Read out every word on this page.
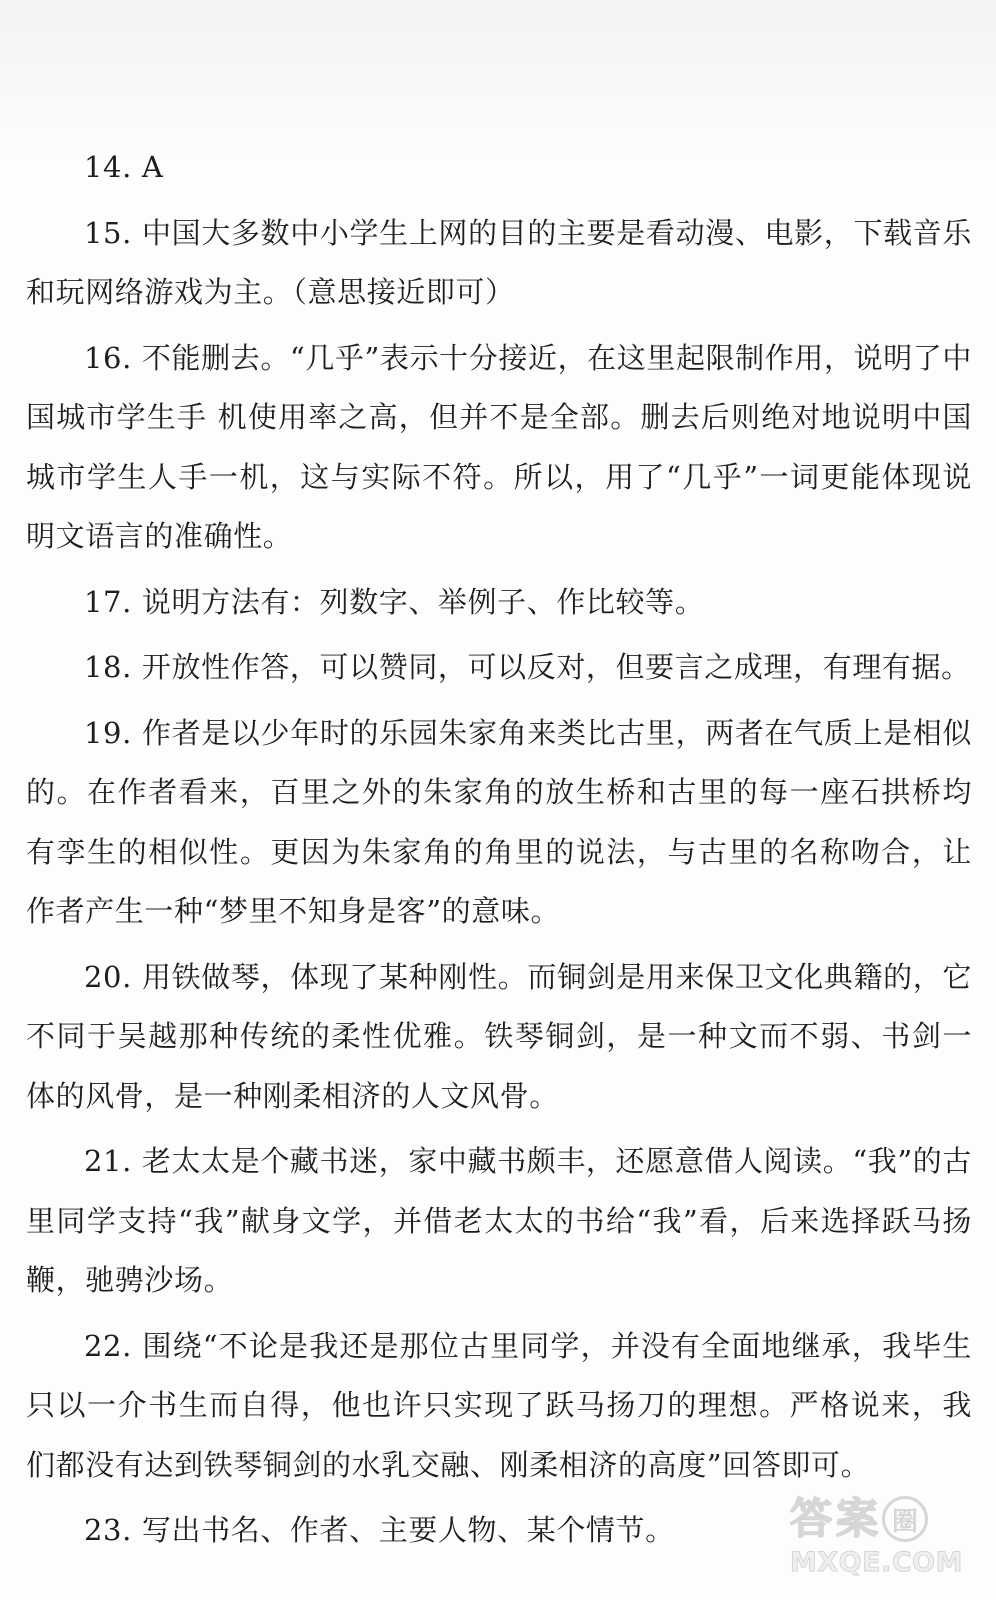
14. A
15. 中国大多数中小学生上网的目的主要是看动漫、电影，下载音乐和玩网络游戏为主。（意思接近即可）
16. 不能删去。“几乎”表示十分接近，在这里起限制作用，说明了中国城市学生手 机使用率之高，但并不是全部。删去后则绝对地说明中国城市学生人手一机，这与实际不符。所以，用了“几乎”一词更能体现说明文语言的准确性。
17. 说明方法有：列数字、举例子、作比较等。
18. 开放性作答，可以赞同，可以反对，但要言之成理，有理有据。
19. 作者是以少年时的乐园朱家角来类比古里，两者在气质上是相似的。在作者看来，百里之外的朱家角的放生桥和古里的每一座石拱桥均有孪生的相似性。更因为朱家角的角里的说法，与古里的名称吻合，让作者产生一种“梦里不知身是客”的意味。
20. 用铁做琴，体现了某种刚性。而铜剑是用来保卫文化典籍的，它不同于吴越那种传统的柔性优雅。铁琴铜剑，是一种文而不弱、书剑一体的风骨，是一种刚柔相济的人文风骨。
21. 老太太是个藏书迷，家中藏书颇丰，还愿意借人阅读。“我”的古里同学支持“我”献身文学，并借老太太的书给“我”看，后来选择跃马扬鞭，驰骋沙场。
22. 围绕“不论是我还是那位古里同学，并没有全面地继承，我毕生只以一介书生而自得，他也许只实现了跃马扬刀的理想。严格说来，我们都没有达到铁琴铜剑的水乳交融、刚柔相济的高度”回答即可。
23. 写出书名、作者、主要人物、某个情节。	答 案 圈
MXQE.COM
